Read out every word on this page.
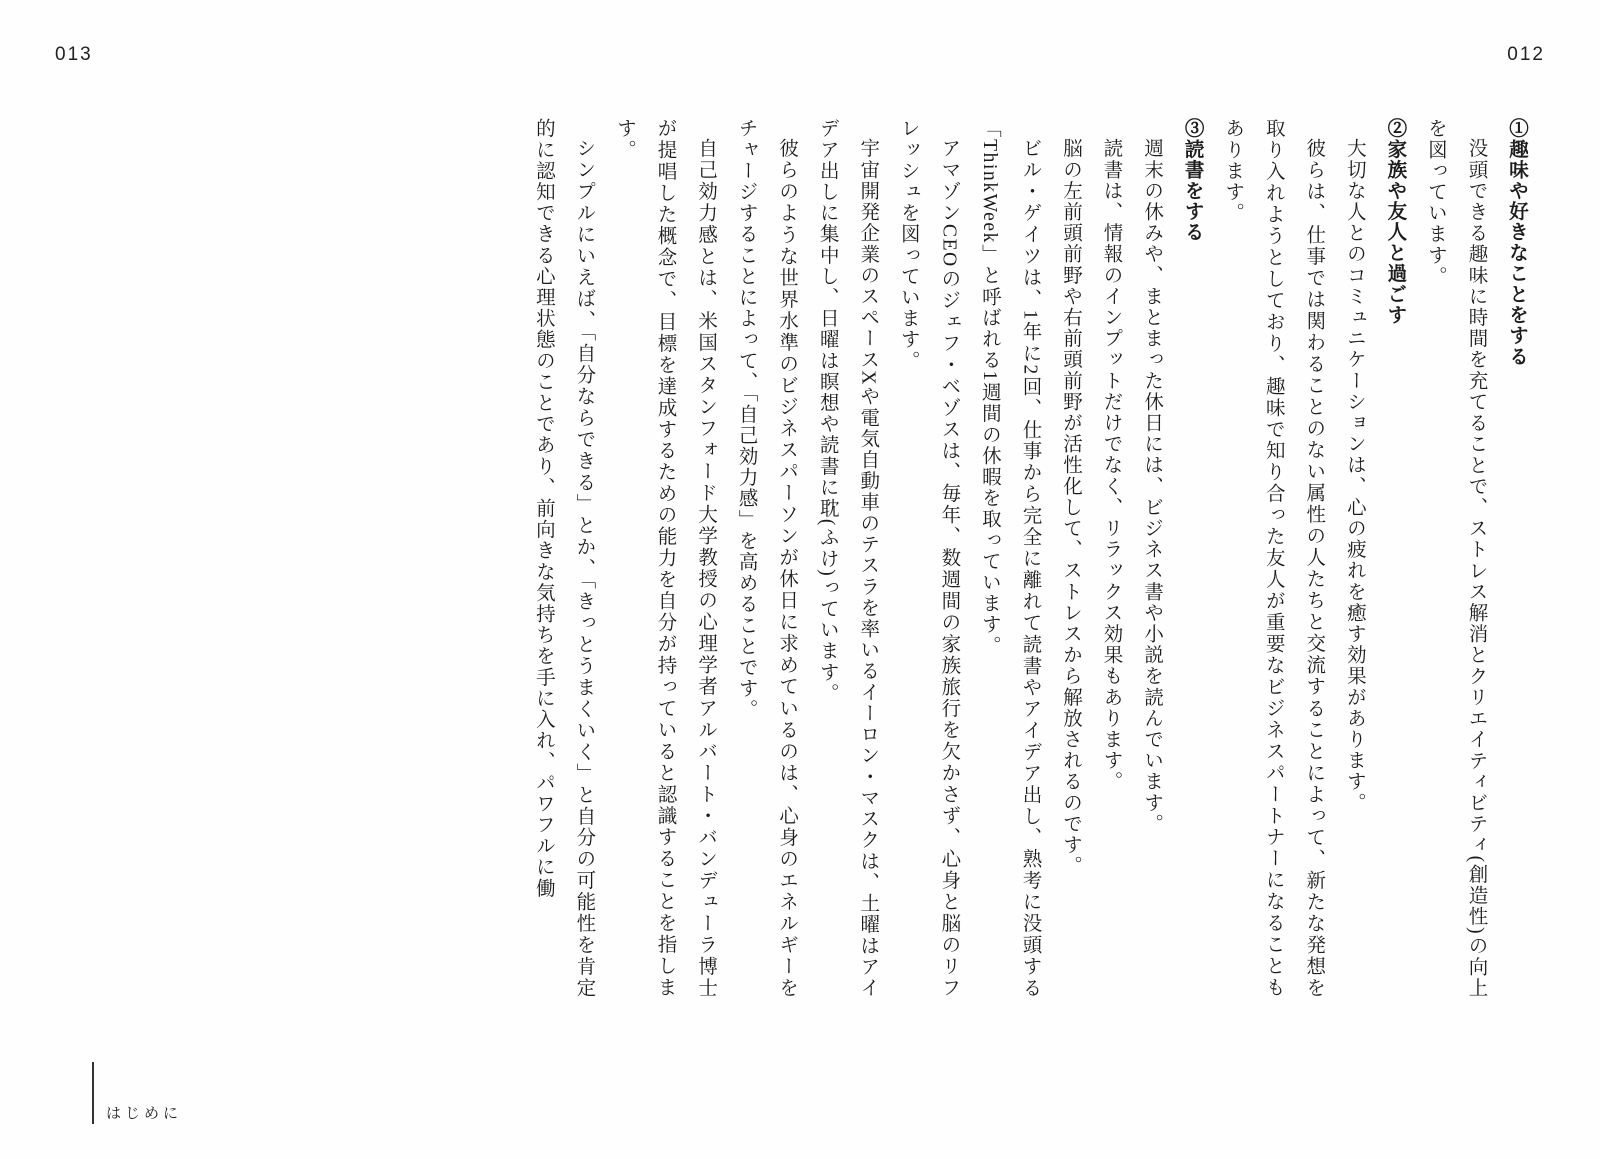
013	012

①趣味や好きなことをする

没頭できる趣味に時間を充てることで、ストレス解消とクリエイティビティ(創造性)の向上を図っています。

②家族や友人と過ごす

大切な人とのコミュニケーションは、心の疲れを癒す効果があります。

彼らは、仕事では関わることのない属性の人たちと交流することによって、新たな発想を取り入れようとしており、趣味で知り合った友人が重要なビジネスパートナーになることもあります。

③読書をする

週末の休みや、まとまった休日には、ビジネス書や小説を読んでいます。

読書は、情報のインプットだけでなく、リラックス効果もあります。

脳の左前頭前野や右前頭前野が活性化して、ストレスから解放されるのです。

ビル・ゲイツは、1年に2回、仕事から完全に離れて読書やアイデア出し、熟考に没頭する「ThinkWeek」と呼ばれる1週間の休暇を取っています。

アマゾンCEOのジェフ・ベゾスは、毎年、数週間の家族旅行を欠かさず、心身と脳のリフレッシュを図っています。

宇宙開発企業のスペースXや電気自動車のテスラを率いるイーロン・マスクは、土曜はアイデア出しに集中し、日曜は瞑想や読書に耽(ふけ)っています。

彼らのような世界水準のビジネスパーソンが休日に求めているのは、心身のエネルギーをチャージすることによって、「自己効力感」を高めることです。

自己効力感とは、米国スタンフォード大学教授の心理学者アルバート・バンデューラ博士が提唱した概念で、目標を達成するための能力を自分が持っていると認識することを指します。

シンプルにいえば、「自分ならできる」とか、「きっとうまくいく」と自分の可能性を肯定的に認知できる心理状態のことであり、前向きな気持ちを手に入れ、パワフルに働

はじめに
